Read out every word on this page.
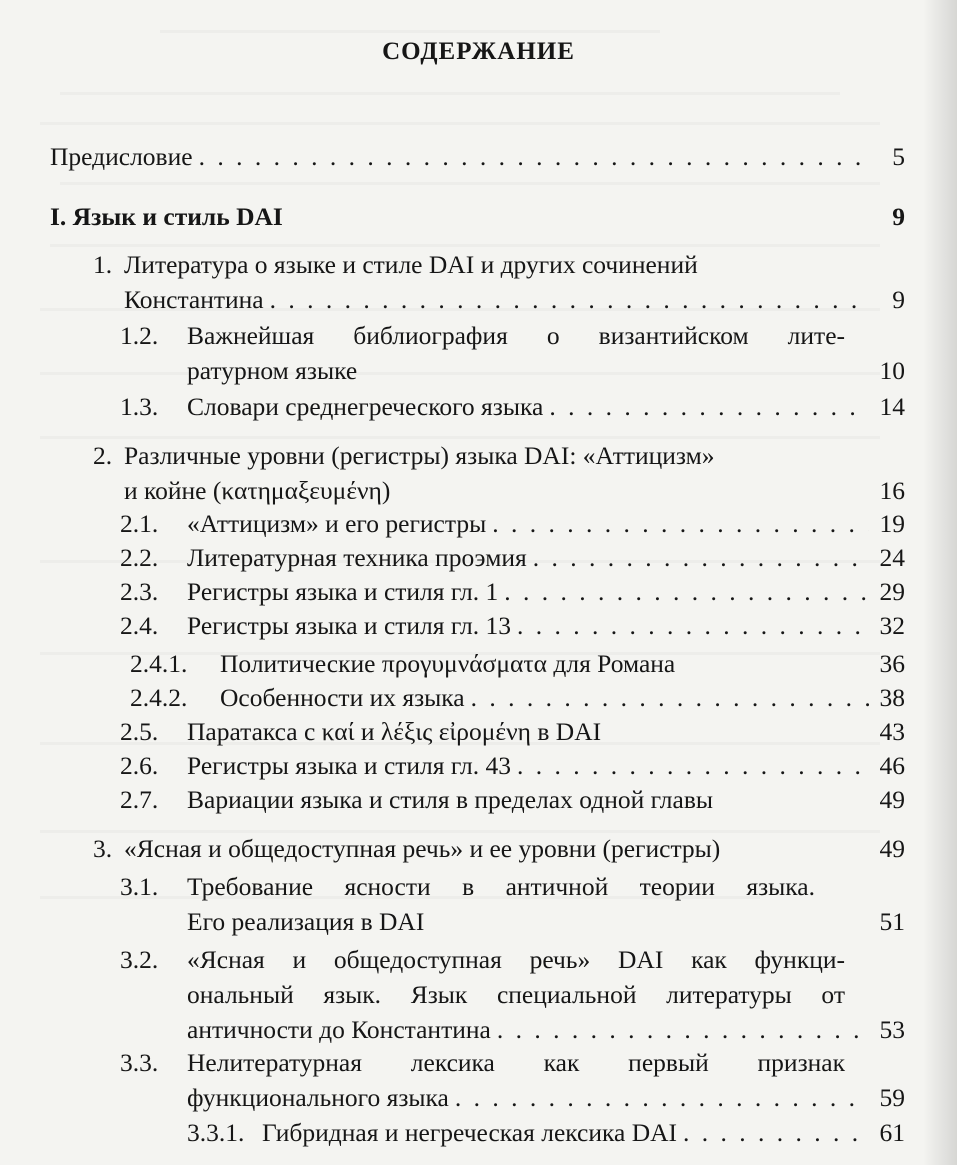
СОДЕРЖАНИЕ
Предисловие . . .	5
I. Язык и стиль DAI	9
1. Литература о языке и стиле DAI и других сочинений
Константина . . .	9
1.2. Важнейшая библиография о византийском лите-
ратурном языке	10
1.3. Словари среднегреческого языка . . .	14
2. Различные уровни (регистры) языка DAI: «Аттицизм»
и койне (κατημαξευμένη)	16
2.1. «Аттицизм» и его регистры . . .	19
2.2. Литературная техника проэмия . . .	24
2.3. Регистры языка и стиля гл. 1 . . .	29
2.4. Регистры языка и стиля гл. 13 . . .	32
2.4.1. Политические προγυμνάσματα для Романа	36
2.4.2. Особенности их языка . . .	38
2.5. Паратакса с καί и λέξις εἰρομένη в DAI	43
2.6. Регистры языка и стиля гл. 43 . . .	46
2.7. Вариации языка и стиля в пределах одной главы	49
3. «Ясная и общедоступная речь» и ее уровни (регистры)	49
3.1. Требование ясности в античной теории языка.
Его реализация в DAI	51
3.2. «Ясная и общедоступная речь» DAI как функци-
ональный язык. Язык специальной литературы от
античности до Константина . . .	53
3.3. Нелитературная лексика как первый признак
функционального языка . . .	59
3.3.1. Гибридная и негреческая лексика DAI . . .	61
